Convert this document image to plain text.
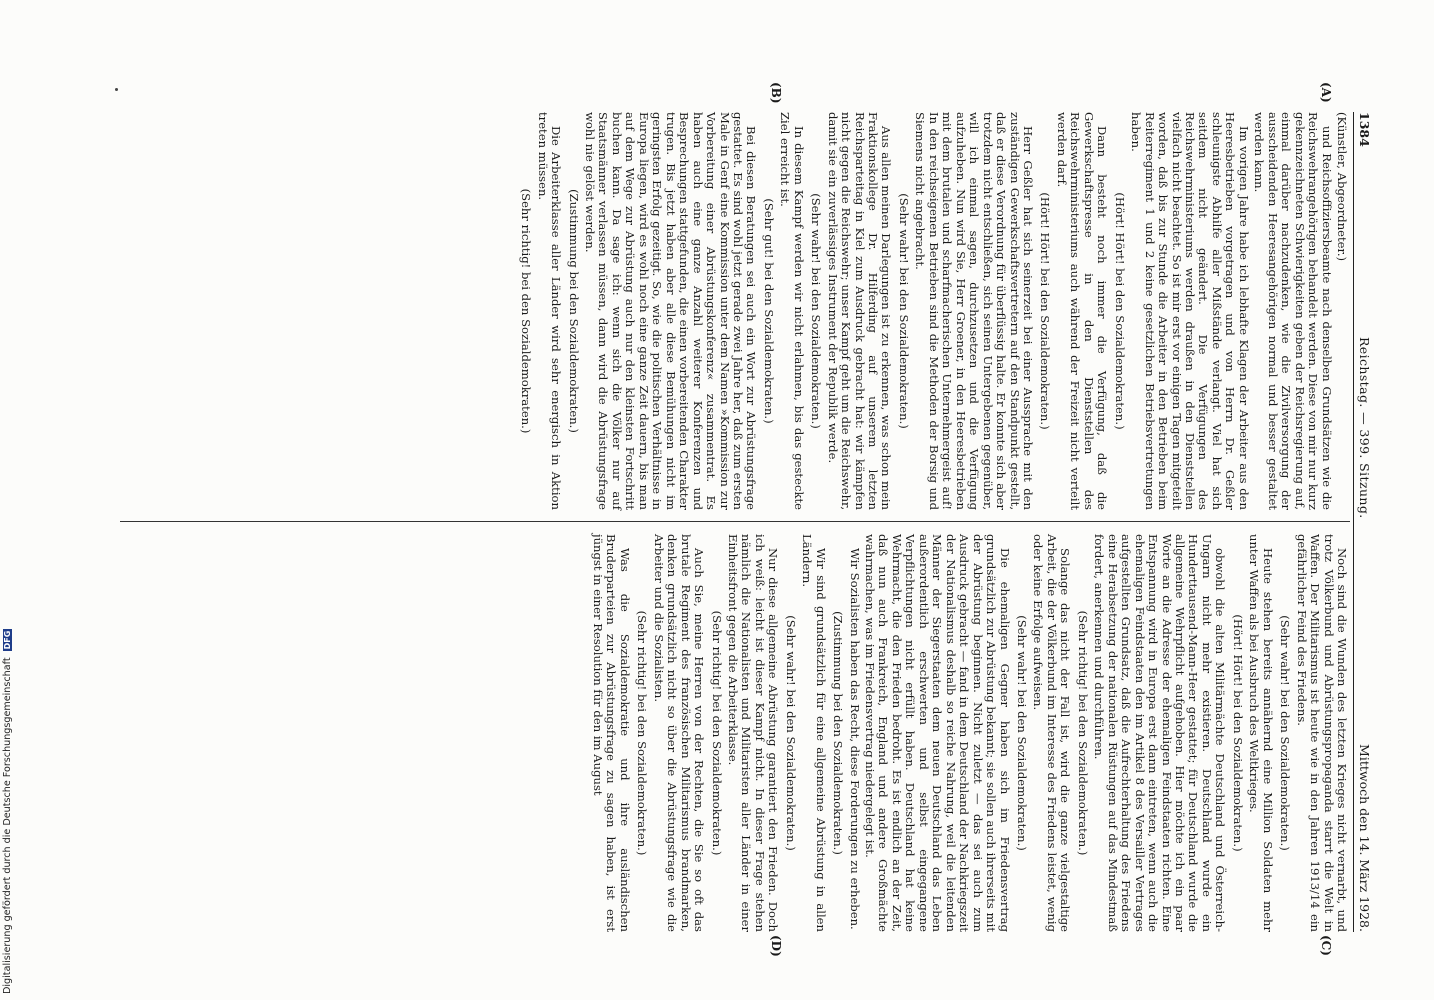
1384
Reichstag. — 399. Sitzung.
Mittwoch den 14. März 1928.
(A)
(B)
(C)
(D)

(Künstler, Abgeordneter.)

und Reichsoffiziersbeamte nach denselben Grundsätzen wie die Reichswehrangehörigen behandelt werden. Diese von mir nur kurz gekennzeichneten Schwierigkeiten geben der Reichsregierung auf, einmal darüber nachzudenken, wie die Zivilversorgung der ausscheidenden Heeresangehörigen normal und besser gestaltet werden kann.

Im vorigen Jahre habe ich lebhafte Klagen der Arbeiter aus den Heeresbetrieben vorgetragen und von Herrn Dr. Geßler schleunigste Abhilfe aller Mißstände verlangt. Viel hat sich seitdem nicht geändert. Die Verfügungen des Reichswehrministeriums werden draußen in den Dienststellen vielfach nicht beachtet. So ist mir erst vor einigen Tagen mitgeteilt worden, daß bis zur Stunde die Arbeiter in den Betrieben beim Reiterregiment 1 und 2 keine gesetzlichen Betriebsvertretungen haben.

(Hört! Hört! bei den Sozialdemokraten.)

Dann besteht noch immer die Verfügung, daß die Gewerkschaftspresse in den Dienststellen des Reichswehrministeriums auch während der Freizeit nicht verteilt werden darf.

(Hört! Hört! bei den Sozialdemokraten.)

Herr Geßler hat sich seinerzeit bei einer Aussprache mit den zuständigen Gewerkschaftsvertretern auf den Standpunkt gestellt, daß er diese Verordnung für überflüssig halte. Er konnte sich aber trotzdem nicht entschließen, sich seinen Untergebenen gegenüber, will ich einmal sagen, durchzusetzen und die Verfügung aufzuheben. Nun wird Sie, Herr Groener, in den Heeresbetrieben mit dem brutalen und scharfmacherischen Unternehmergeist auf! In den reichseigenen Betrieben sind die Methoden der Borsig und Siemens nicht angebracht.

(Sehr wahr! bei den Sozialdemokraten.)

Aus allen meinen Darlegungen ist zu erkennen, was schon mein Fraktionskollege Dr. Hilferding auf unserem letzten Reichsparteitag in Kiel zum Ausdruck gebracht hat: wir kämpfen nicht gegen die Reichswehr; unser Kampf geht um die Reichswehr, damit sie ein zuverlässiges Instrument der Republik werde.

(Sehr wahr! bei den Sozialdemokraten.)

In diesem Kampf werden wir nicht erlahmen, bis das gesteckte Ziel erreicht ist.

(Sehr gut! bei den Sozialdemokraten.)

Bei diesen Beratungen sei auch ein Wort zur Abrüstungsfrage gestattet. Es sind wohl jetzt gerade zwei Jahre her, daß zum ersten Male in Genf eine Kommission unter dem Namen »Kommission zur Vorbereitung einer Abrüstungskonferenz« zusammentrat. Es haben auch eine ganze Anzahl weiterer Konferenzen und Besprechungen stattgefunden, die einen vorbereitenden Charakter trugen. Bis jetzt haben aber alle diese Bemühungen nicht im geringsten Erfolg gezeitigt. So, wie die politischen Verhältnisse in Europa liegen, wird es wohl noch eine ganze Zeit dauern, bis man auf dem Wege zur Abrüstung auch nur den kleinsten Fortschritt buchen kann. Da sage ich: wenn sich die Völker nur auf Staatsmänner verlassen müssen, dann wird die Abrüstungsfrage wohl nie gelöst werden.

(Zustimmung bei den Sozialdemokraten.)

Die Arbeiterklasse aller Länder wird sehr energisch in Aktion treten müssen.

(Sehr richtig! bei den Sozialdemokraten.)

Noch sind die Wunden des letzten Krieges nicht vernarbt, und trotz Völkerbund und Abrüstungspropaganda starrt die Welt in Waffen. Der Militarismus ist heute wie in den Jahren 1913/14 ein gefährlicher Feind des Friedens.

(Sehr wahr! bei den Sozialdemokraten.)

Heute stehen bereits annähernd eine Million Soldaten mehr unter Waffen als bei Ausbruch des Weltkrieges.

(Hört! Hört! bei den Sozialdemokraten.)

obwohl die alten Militärmächte Deutschland und Österreich-Ungarn nicht mehr existieren. Deutschland wurde ein Hunderttausend-Mann-Heer gestattet; für Deutschland wurde die allgemeine Wehrpflicht aufgehoben. Hier möchte ich ein paar Worte an die Adresse der ehemaligen Feindstaaten richten. Eine Entspannung wird in Europa erst dann eintreten, wenn auch die ehemaligen Feindstaaten den im Artikel 8 des Versailler Vertrages aufgestellten Grundsatz, daß die Aufrechterhaltung des Friedens eine Herabsetzung der nationalen Rüstungen auf das Mindestmaß fordert, anerkennen und durchführen.

(Sehr richtig! bei den Sozialdemokraten.)

Solange das nicht der Fall ist, wird die ganze vielgestaltige Arbeit, die der Völkerbund im Interesse des Friedens leistet, wenig oder keine Erfolge aufweisen.

(Sehr wahr! bei den Sozialdemokraten.)

Die ehemaligen Gegner haben sich im Friedensvertrag grundsätzlich zur Abrüstung bekannt; sie sollen auch ihrerseits mit der Abrüstung beginnen. Nicht zuletzt — das sei auch zum Ausdruck gebracht — fand in dem Deutschland der Nachkriegszeit der Nationalismus deshalb so reiche Nahrung, weil die leitenden Männer der Siegerstaaten dem neuen Deutschland das Leben außerordentlich erschwerten und selbst eingegangene Verpflichtungen nicht erfüllt haben. Deutschland hat keine Wehrmacht, die den Frieden bedroht. Es ist endlich an der Zeit, daß nun auch Frankreich, England und andere Großmächte wahrmachen, was im Friedensvertrag niedergelegt ist.

Wir Sozialisten haben das Recht, diese Forderungen zu erheben.

(Zustimmung bei den Sozialdemokraten.)

Wir sind grundsätzlich für eine allgemeine Abrüstung in allen Ländern.

(Sehr wahr! bei den Sozialdemokraten.)

Nur diese allgemeine Abrüstung garantiert den Frieden. Doch ich weiß: leicht ist dieser Kampf nicht. In dieser Frage stehen nämlich die Nationalisten und Militaristen aller Länder in einer Einheitsfront gegen die Arbeiterklasse.

(Sehr richtig! bei den Sozialdemokraten.)

Auch Sie, meine Herren von der Rechten, die Sie so oft das brutale Regiment des französischen Militarismus brandmarken, denken grundsätzlich nicht so über die Abrüstungsfrage wie die Arbeiter und die Sozialisten.

(Sehr richtig! bei den Sozialdemokraten.)

Was die Sozialdemokratie und ihre ausländischen Bruderparteien zur Abrüstungsfrage zu sagen haben, ist erst jüngst in einer Resolution für den im August

Digitalisierung gefördert durch die Deutsche Forschungsgemeinschaft DFG
